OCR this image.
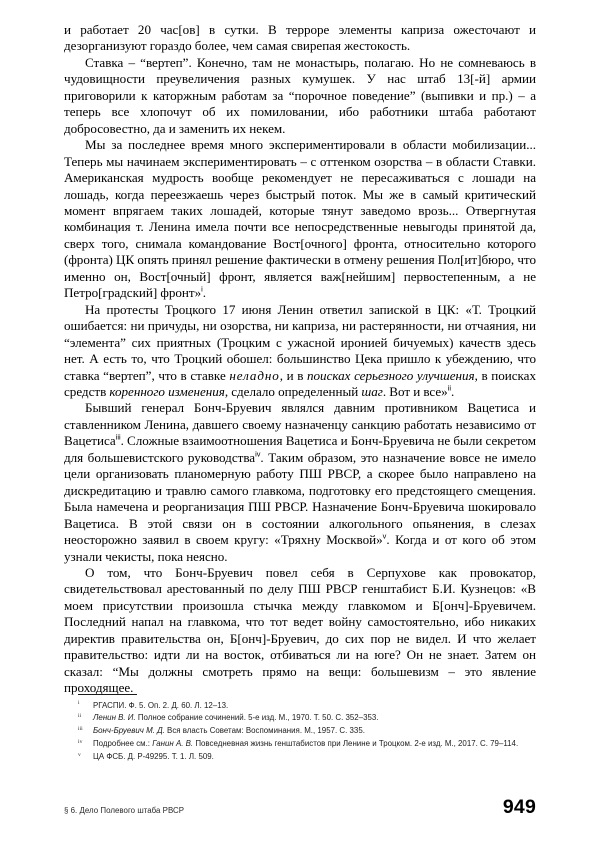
и работает 20 час[ов] в сутки. В терроре элементы каприза ожесточают и дезорганизуют гораздо более, чем самая свирепая жестокость.

Ставка – “вертеп”. Конечно, там не монастырь, полагаю. Но не сомневаюсь в чудовищности преувеличения разных кумушек. У нас штаб 13[-й] армии приговорили к каторжным работам за “порочное поведение” (выпивки и пр.) – а теперь все хлопочут об их помиловании, ибо работники штаба работают добросовестно, да и заменить их некем.

Мы за последнее время много экспериментировали в области мобилизации... Теперь мы начинаем экспериментировать – с оттенком озорства – в области Ставки. Американская мудрость вообще рекомендует не пересаживаться с лошади на лошадь, когда переезжаешь через быстрый поток. Мы же в самый критический момент впрягаем таких лошадей, которые тянут заведомо врозь... Отвергнутая комбинация т. Ленина имела почти все непосредственные невыгоды принятой да, сверх того, снимала командование Вост[очного] фронта, относительно которого (фронта) ЦК опять принял решение фактически в отмену решения Пол[ит]бюро, что именно он, Вост[очный] фронт, является важ[нейшим] первостепенным, а не Петро[градский] фронт»$^i$.

На протесты Троцкого 17 июня Ленин ответил запиской в ЦК: «Т. Троцкий ошибается: ни причуды, ни озорства, ни каприза, ни растерянности, ни отчаяния, ни “элемента” сих приятных (Троцким с ужасной иронией бичуемых) качеств здесь нет. А есть то, что Троцкий обошел: большинство Цека пришло к убеждению, что ставка “вертеп”, что в ставке неладно, и в поисках серьезного улучшения, в поисках средств коренного изменения, сделало определенный шаг. Вот и все»$^{ii}$.

Бывший генерал Бонч-Бруевич являлся давним противником Вацетиса и ставленником Ленина, давшего своему назначенцу санкцию работать независимо от Вацетиса$^{iii}$. Сложные взаимоотношения Вацетиса и Бонч-Бруевича не были секретом для большевистского руководства$^{iv}$. Таким образом, это назначение вовсе не имело цели организовать планомерную работу ПШ РВСР, а скорее было направлено на дискредитацию и травлю самого главкома, подготовку его предстоящего смещения. Была намечена и реорганизация ПШ РВСР. Назначение Бонч-Бруевича шокировало Вацетиса. В этой связи он в состоянии алкогольного опьянения, в слезах неосторожно заявил в своем кругу: «Тряхну Москвой»$^v$. Когда и от кого об этом узнали чекисты, пока неясно.

О том, что Бонч-Бруевич повел себя в Серпухове как провокатор, свидетельствовал арестованный по делу ПШ РВСР генштабист Б.И. Кузнецов: «В моем присутствии произошла стычка между главкомом и Б[онч]-Бруевичем. Последний напал на главкома, что тот ведет войну самостоятельно, ибо никаких директив правительства он, Б[онч]-Бруевич, до сих пор не видел. И что желает правительство: идти ли на восток, отбиваться ли на юге? Он не знает. Затем он сказал: “Мы должны смотреть прямо на вещи: большевизм – это явление проходящее.

i РГАСПИ. Ф. 5. Оп. 2. Д. 60. Л. 12–13.
ii Ленин В. И. Полное собрание сочинений. 5-е изд. М., 1970. Т. 50. С. 352–353.
iii Бонч-Бруевич М. Д. Вся власть Советам: Воспоминания. М., 1957. С. 335.
iv Подробнее см.: Ганин А. В. Повседневная жизнь генштабистов при Ленине и Троцком. 2-е изд. М., 2017. С. 79–114.
v ЦА ФСБ. Д. Р-49295. Т. 1. Л. 509.
§ 6. Дело Полевого штаба РВСР	949
